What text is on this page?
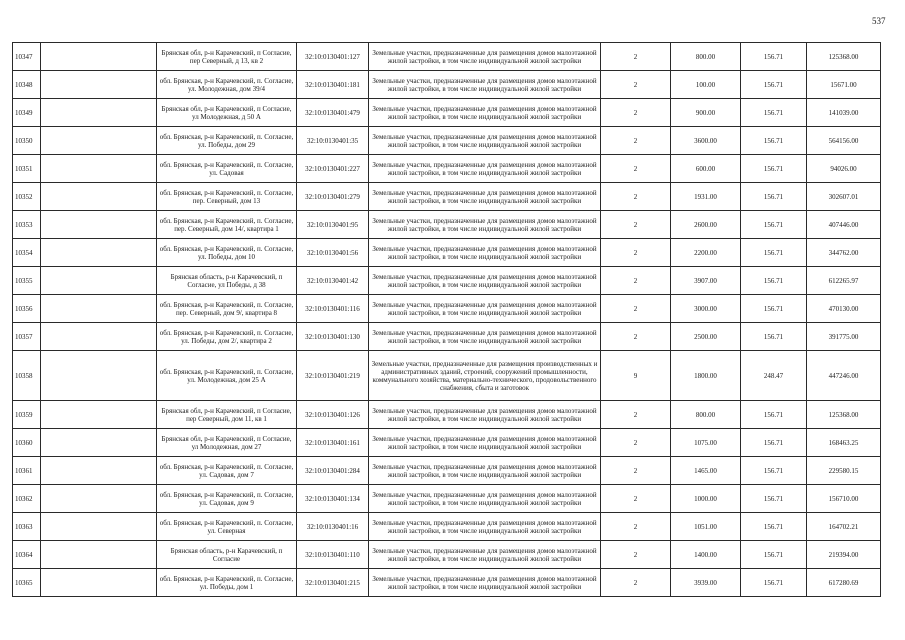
537
10347		Брянская обл, р-н Карачевский, п Согласие, пер Северный, д 13, кв 2	32:10:0130401:127	Земельные участки, предназначенные для размещения домов малоэтажной жилой застройки, в том числе индивидуальной жилой застройки	2	800.00	156.71	125368.00
10348		обл. Брянская, р-н Карачевский, п. Согласие, ул. Молодежная, дом 39/4	32:10:0130401:181	Земельные участки, предназначенные для размещения домов малоэтажной жилой застройки, в том числе индивидуальной жилой застройки	2	100.00	156.71	15671.00
10349		Брянская обл, р-н Карачевский, п Согласие, ул Молодежная, д 50 А	32:10:0130401:479	Земельные участки, предназначенные для размещения домов малоэтажной жилой застройки, в том числе индивидуальной жилой застройки	2	900.00	156.71	141039.00
10350		обл. Брянская, р-н Карачевский, п. Согласие, ул. Победы, дом 29	32:10:0130401:35	Земельные участки, предназначенные для размещения домов малоэтажной жилой застройки, в том числе индивидуальной жилой застройки	2	3600.00	156.71	564156.00
10351		обл. Брянская, р-н Карачевский, п. Согласие, ул. Садовая	32:10:0130401:227	Земельные участки, предназначенные для размещения домов малоэтажной жилой застройки, в том числе индивидуальной жилой застройки	2	600.00	156.71	94026.00
10352		обл. Брянская, р-н Карачевский, п. Согласие, пер. Северный, дом 13	32:10:0130401:279	Земельные участки, предназначенные для размещения домов малоэтажной жилой застройки, в том числе индивидуальной жилой застройки	2	1931.00	156.71	302607.01
10353		обл. Брянская, р-н Карачевский, п. Согласие, пер. Северный, дом 14/, квартира 1	32:10:0130401:95	Земельные участки, предназначенные для размещения домов малоэтажной жилой застройки, в том числе индивидуальной жилой застройки	2	2600.00	156.71	407446.00
10354		обл. Брянская, р-н Карачевский, п. Согласие, ул. Победы, дом 10	32:10:0130401:56	Земельные участки, предназначенные для размещения домов малоэтажной жилой застройки, в том числе индивидуальной жилой застройки	2	2200.00	156.71	344762.00
10355		Брянская область, р-н Карачевский, п Согласие, ул Победы, д 38	32:10:0130401:42	Земельные участки, предназначенные для размещения домов малоэтажной жилой застройки, в том числе индивидуальной жилой застройки	2	3907.00	156.71	612265.97
10356		обл. Брянская, р-н Карачевский, п. Согласие, пер. Северный, дом 9/, квартира 8	32:10:0130401:116	Земельные участки, предназначенные для размещения домов малоэтажной жилой застройки, в том числе индивидуальной жилой застройки	2	3000.00	156.71	470130.00
10357		обл. Брянская, р-н Карачевский, п. Согласие, ул. Победы, дом 2/, квартира 2	32:10:0130401:130	Земельные участки, предназначенные для размещения домов малоэтажной жилой застройки, в том числе индивидуальной жилой застройки	2	2500.00	156.71	391775.00
10358		обл. Брянская, р-н Карачевский, п. Согласие, ул. Молодежная, дом 25 А	32:10:0130401:219	Земельные участки, предназначенные для размещения производственных и административных зданий, строений, сооружений промышленности, коммунального хозяйства, материально-технического, продовольственного снабжения, сбыта и заготовок	9	1800.00	248.47	447246.00
10359		Брянская обл, р-н Карачевский, п Согласие, пер Северный, дом 11, кв 1	32:10:0130401:126	Земельные участки, предназначенные для размещения домов малоэтажной жилой застройки, в том числе индивидуальной жилой застройки	2	800.00	156.71	125368.00
10360		Брянская обл, р-н Карачевский, п Согласие, ул Молодежная, дом 27	32:10:0130401:161	Земельные участки, предназначенные для размещения домов малоэтажной жилой застройки, в том числе индивидуальной жилой застройки	2	1075.00	156.71	168463.25
10361		обл. Брянская, р-н Карачевский, п. Согласие, ул. Садовая, дом 7	32:10:0130401:284	Земельные участки, предназначенные для размещения домов малоэтажной жилой застройки, в том числе индивидуальной жилой застройки	2	1465.00	156.71	229580.15
10362		обл. Брянская, р-н Карачевский, п. Согласие, ул. Садовая, дом 9	32:10:0130401:134	Земельные участки, предназначенные для размещения домов малоэтажной жилой застройки, в том числе индивидуальной жилой застройки	2	1000.00	156.71	156710.00
10363		обл. Брянская, р-н Карачевский, п. Согласие, ул. Северная	32:10:0130401:16	Земельные участки, предназначенные для размещения домов малоэтажной жилой застройки, в том числе индивидуальной жилой застройки	2	1051.00	156.71	164702.21
10364		Брянская область, р-н Карачевский, п Согласие	32:10:0130401:110	Земельные участки, предназначенные для размещения домов малоэтажной жилой застройки, в том числе индивидуальной жилой застройки	2	1400.00	156.71	219394.00
10365		обл. Брянская, р-н Карачевский, п. Согласие, ул. Победы, дом 1	32:10:0130401:215	Земельные участки, предназначенные для размещения домов малоэтажной жилой застройки, в том числе индивидуальной жилой застройки	2	3939.00	156.71	617280.69
